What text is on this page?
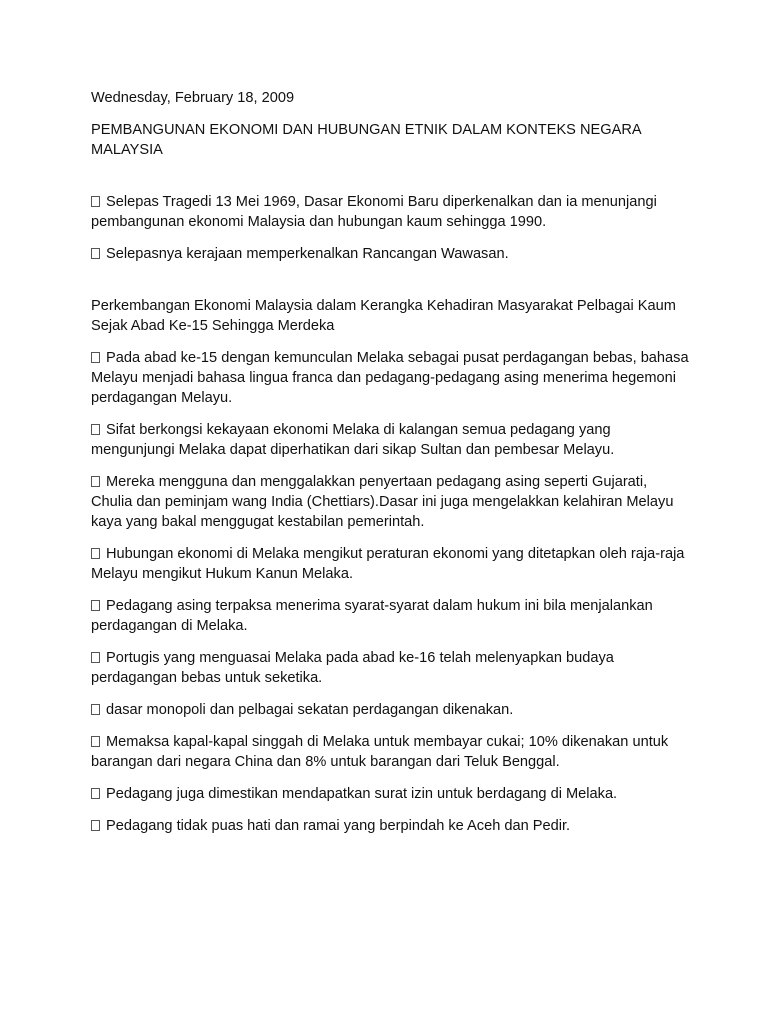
Wednesday, February 18, 2009

PEMBANGUNAN EKONOMI DAN HUBUNGAN ETNIK DALAM KONTEKS NEGARA MALAYSIA

Selepas Tragedi 13 Mei 1969, Dasar Ekonomi Baru diperkenalkan dan ia menunjangi pembangunan ekonomi Malaysia dan hubungan kaum sehingga 1990.

Selepasnya kerajaan memperkenalkan Rancangan Wawasan.

Perkembangan Ekonomi Malaysia dalam Kerangka Kehadiran Masyarakat Pelbagai Kaum Sejak Abad Ke-15 Sehingga Merdeka

Pada abad ke-15 dengan kemunculan Melaka sebagai pusat perdagangan bebas, bahasa Melayu menjadi bahasa lingua franca dan pedagang-pedagang asing menerima hegemoni perdagangan Melayu.

Sifat berkongsi kekayaan ekonomi Melaka di kalangan semua pedagang yang mengunjungi Melaka dapat diperhatikan dari sikap Sultan dan pembesar Melayu.

Mereka mengguna dan menggalakkan penyertaan pedagang asing seperti Gujarati, Chulia dan peminjam wang India (Chettiars).Dasar ini juga mengelakkan kelahiran Melayu kaya yang bakal menggugat kestabilan pemerintah.

Hubungan ekonomi di Melaka mengikut peraturan ekonomi yang ditetapkan oleh raja-raja Melayu mengikut Hukum Kanun Melaka.

Pedagang asing terpaksa menerima syarat-syarat dalam hukum ini bila menjalankan perdagangan di Melaka.

Portugis yang menguasai Melaka pada abad ke-16 telah melenyapkan budaya perdagangan bebas untuk seketika.

dasar monopoli dan pelbagai sekatan perdagangan dikenakan.

Memaksa kapal-kapal singgah di Melaka untuk membayar cukai; 10% dikenakan untuk barangan dari negara China dan 8% untuk barangan dari Teluk Benggal.

Pedagang juga dimestikan mendapatkan surat izin untuk berdagang di Melaka.

Pedagang tidak puas hati dan ramai yang berpindah ke Aceh dan Pedir.
